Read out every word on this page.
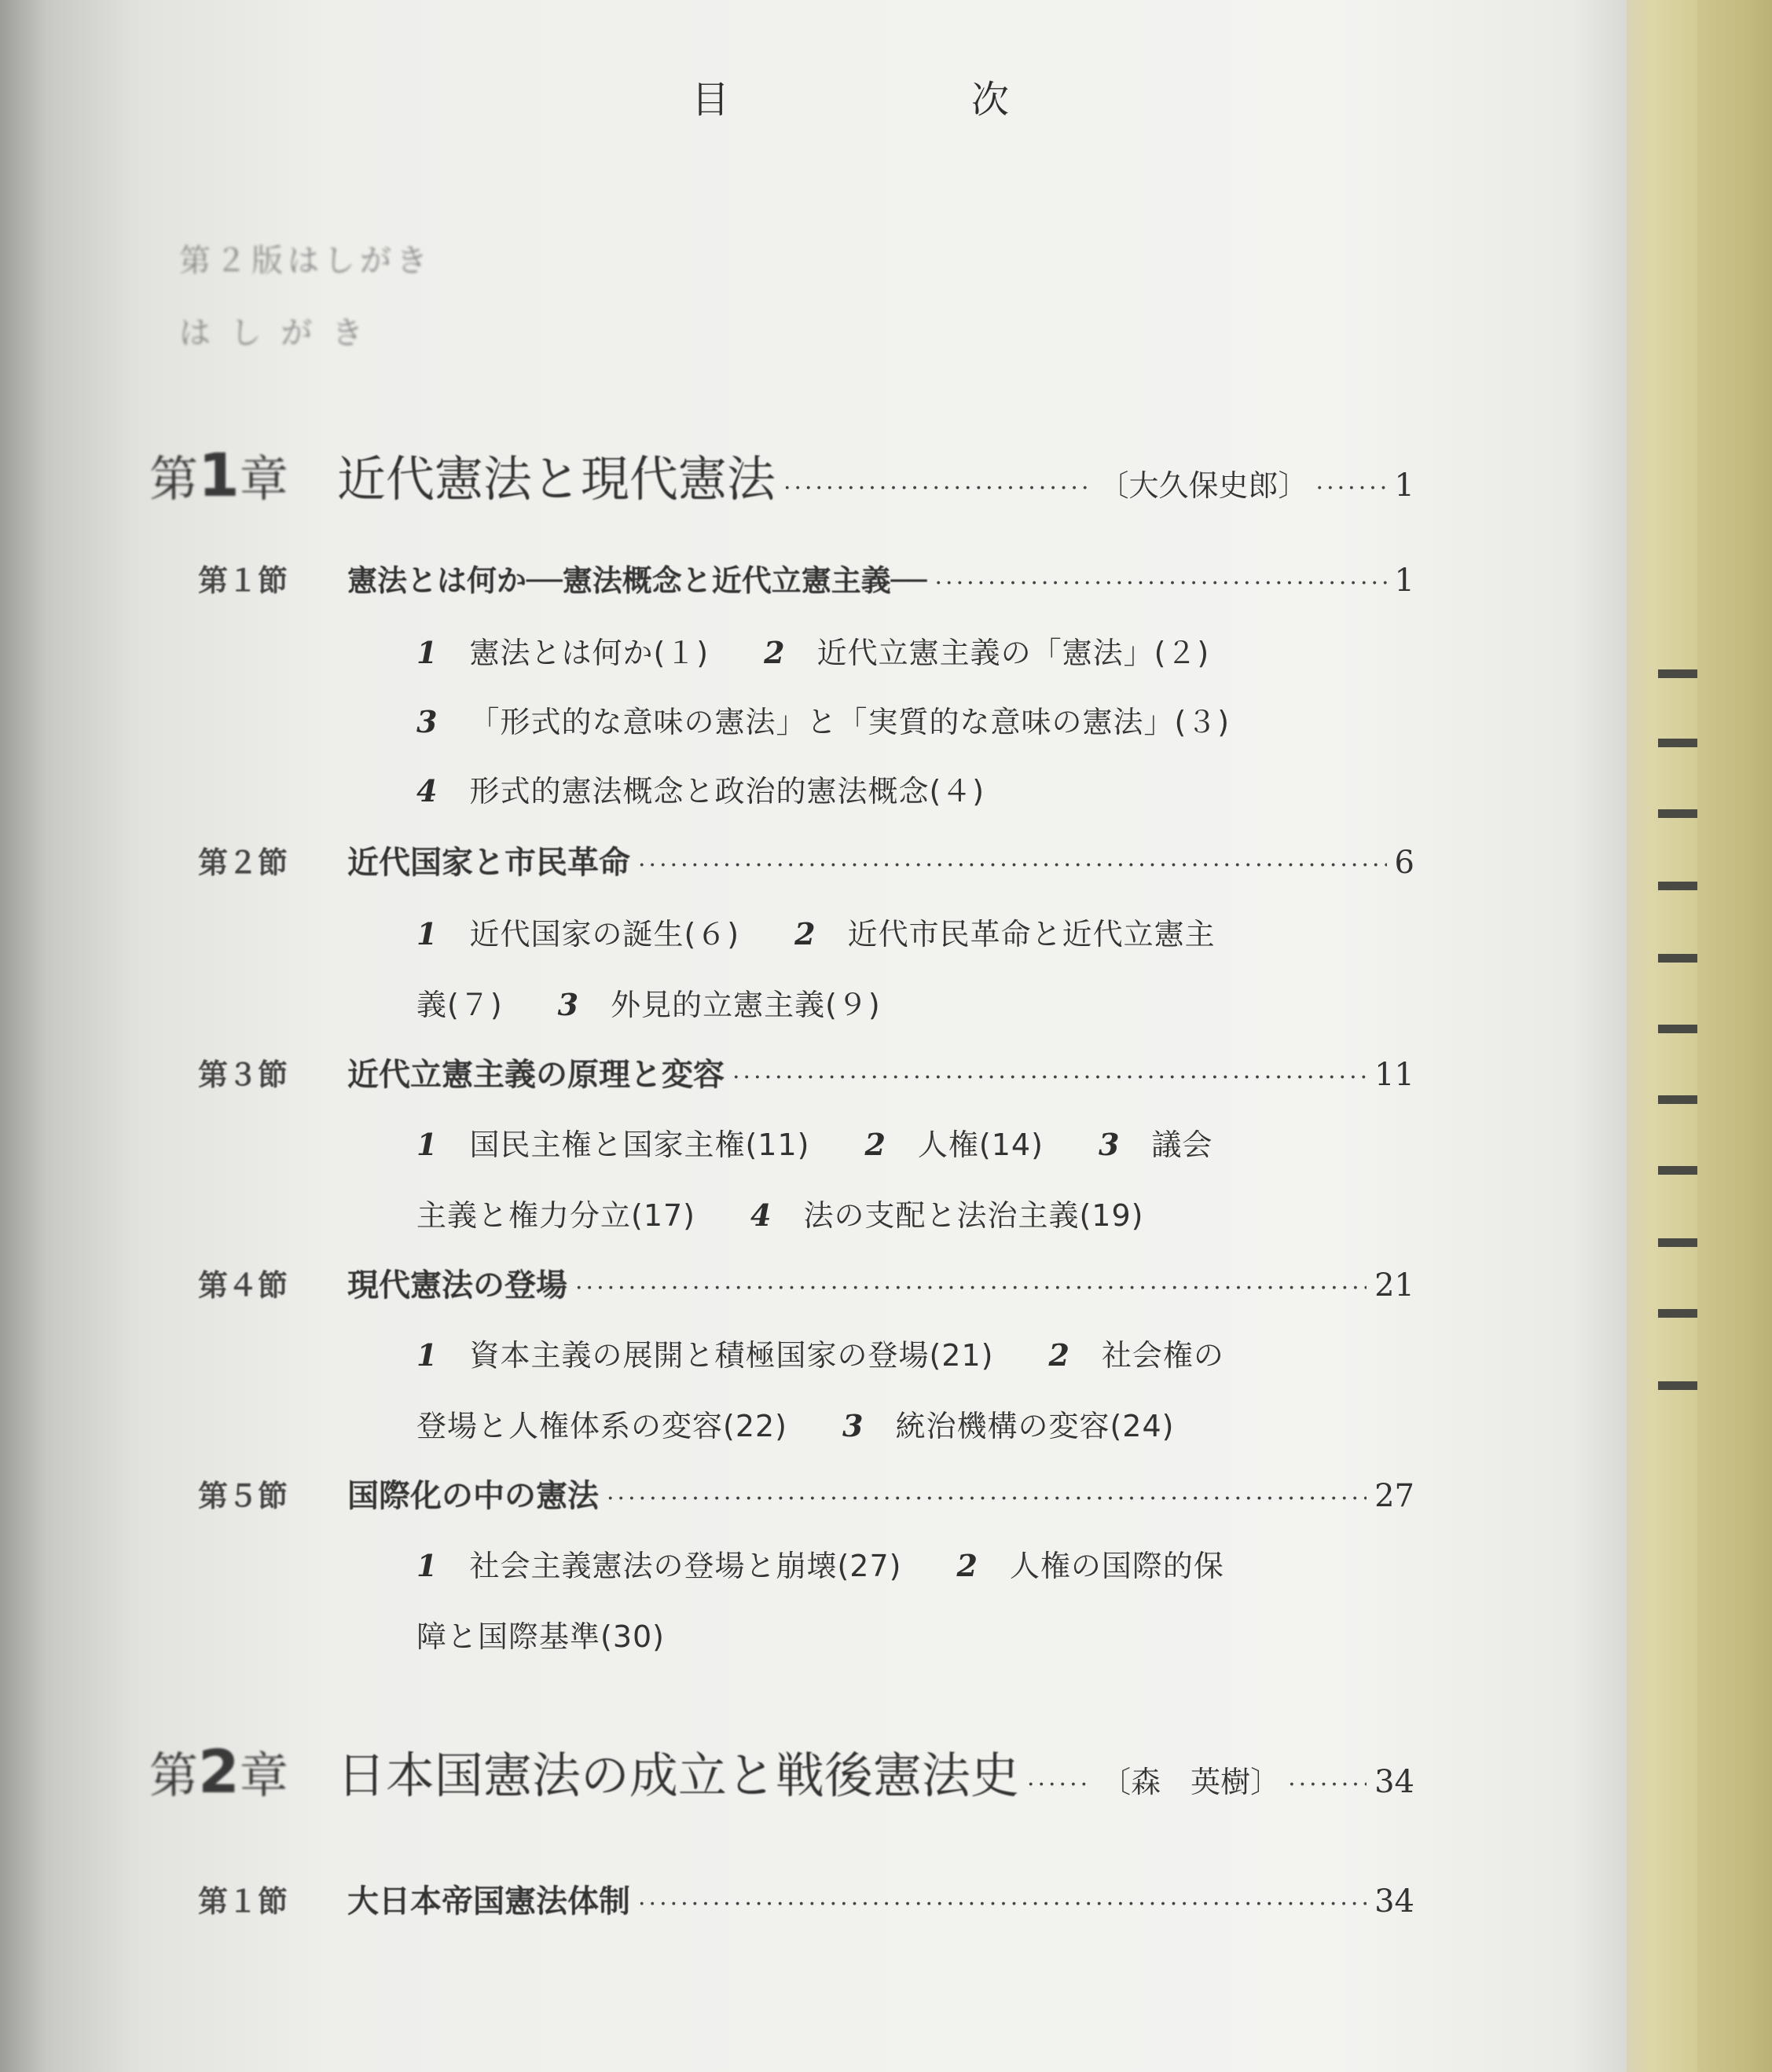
目　次
第２版はしがき
は し が き
第1章 近代憲法と現代憲法 ·····	〔大久保史郎〕 ·····	1
第１節	憲法とは何か──憲法概念と近代立憲主義── ·····	1
1 憲法とは何か(１) 2 近代立憲主義の「憲法」(２)
3 「形式的な意味の憲法」と「実質的な意味の憲法」(３)
4 形式的憲法概念と政治的憲法概念(４)
第２節	近代国家と市民革命 ·····	6
1 近代国家の誕生(６) 2 近代市民革命と近代立憲主
義(７) 3 外見的立憲主義(９)
第３節	近代立憲主義の原理と変容 ·····	11
1 国民主権と国家主権(11) 2 人権(14) 3 議会
主義と権力分立(17) 4 法の支配と法治主義(19)
第４節	現代憲法の登場 ·····	21
1 資本主義の展開と積極国家の登場(21) 2 社会権の
登場と人権体系の変容(22) 3 統治機構の変容(24)
第５節	国際化の中の憲法 ·····	27
1 社会主義憲法の登場と崩壊(27) 2 人権の国際的保
障と国際基準(30)
第2章 日本国憲法の成立と戦後憲法史 ·····	〔森　英樹〕 ·····	34
第１節	大日本帝国憲法体制 ·····	34
